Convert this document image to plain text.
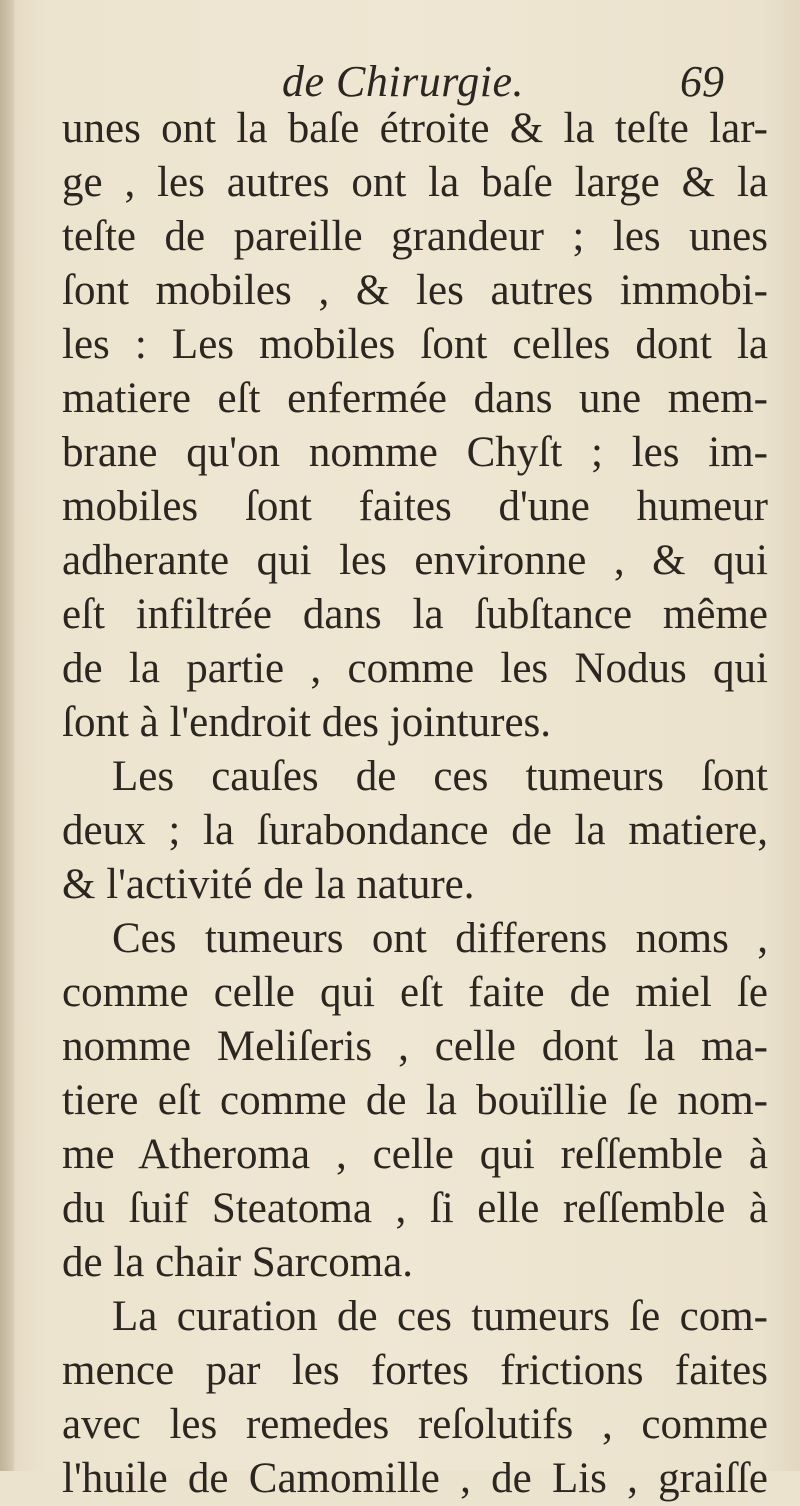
de Chirurgie.	69
unes ont la baſe étroite & la teſte lar-
ge , les autres ont la baſe large & la
teſte de pareille grandeur ; les unes
ſont mobiles , & les autres immobi-
les : Les mobiles ſont celles dont la
matiere eſt enfermée dans une mem-
brane qu'on nomme Chyſt ; les im-
mobiles ſont faites d'une humeur
adherante qui les environne , & qui
eſt infiltrée dans la ſubſtance même
de la partie , comme les Nodus qui
ſont à l'endroit des jointures.
Les cauſes de ces tumeurs ſont
deux ; la ſurabondance de la matiere,
& l'activité de la nature.
Ces tumeurs ont differens noms ,
comme celle qui eſt faite de miel ſe
nomme Meliſeris , celle dont la ma-
tiere eſt comme de la bouïllie ſe nom-
me Atheroma , celle qui reſſemble à
du ſuif Steatoma , ſi elle reſſemble à
de la chair Sarcoma.
La curation de ces tumeurs ſe com-
mence par les fortes frictions faites
avec les remedes reſolutifs , comme
l'huile de Camomille , de Lis , graiſſe
